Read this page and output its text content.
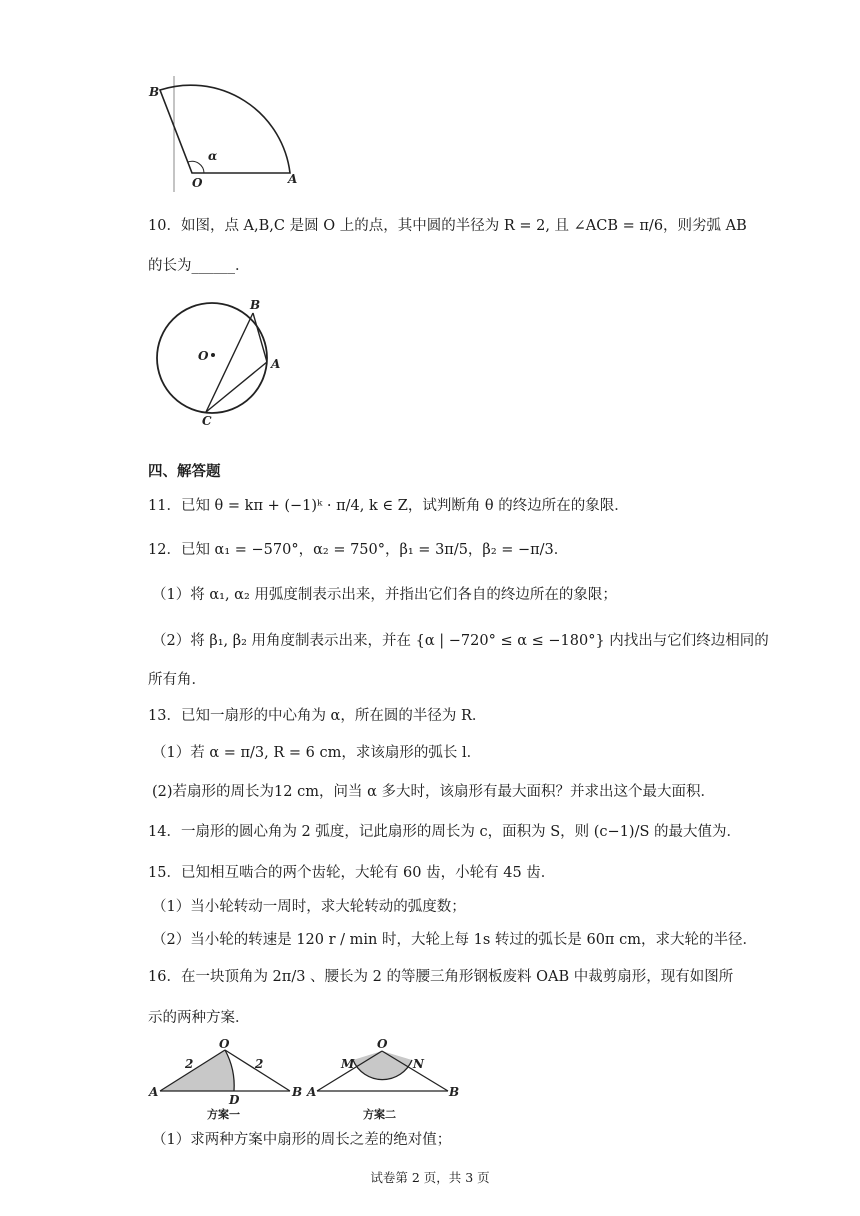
B
O	A
α
10．如图，点 A,B,C 是圆 O 上的点，其中圆的半径为 R = 2, 且 ∠ACB = π/6，则劣弧 AB
的长为______．
B
O
A
C
四、解答题
11．已知 θ = kπ + (−1)ᵏ · π/4, k ∈ Z，试判断角 θ 的终边所在的象限．
12．已知 α₁ = −570°，α₂ = 750°，β₁ = 3π/5，β₂ = −π/3．
（1）将 α₁, α₂ 用弧度制表示出来，并指出它们各自的终边所在的象限；
（2）将 β₁, β₂ 用角度制表示出来，并在 {α | −720° ≤ α ≤ −180°} 内找出与它们终边相同的
所有角．
13．已知一扇形的中心角为 α，所在圆的半径为 R．
（1）若 α = π/3, R = 6 cm，求该扇形的弧长 l．
(2)若扇形的周长为12 cm，问当 α 多大时，该扇形有最大面积？并求出这个最大面积．
14．一扇形的圆心角为 2 弧度，记此扇形的周长为 c，面积为 S，则 (c−1)/S 的最大值为．
15．已知相互啮合的两个齿轮，大轮有 60 齿，小轮有 45 齿．
（1）当小轮转动一周时，求大轮转动的弧度数；
（2）当小轮的转速是 120 r / min 时，大轮上每 1s 转过的弧长是 60π cm，求大轮的半径．
16．在一块顶角为 2π/3 、腰长为 2 的等腰三角形钢板废料 OAB 中裁剪扇形，现有如图所
示的两种方案．
O
A	B
D
2	2
方案一
O
A	B
M	N
方案二
（1）求两种方案中扇形的周长之差的绝对值；
试卷第 2 页，共 3 页
